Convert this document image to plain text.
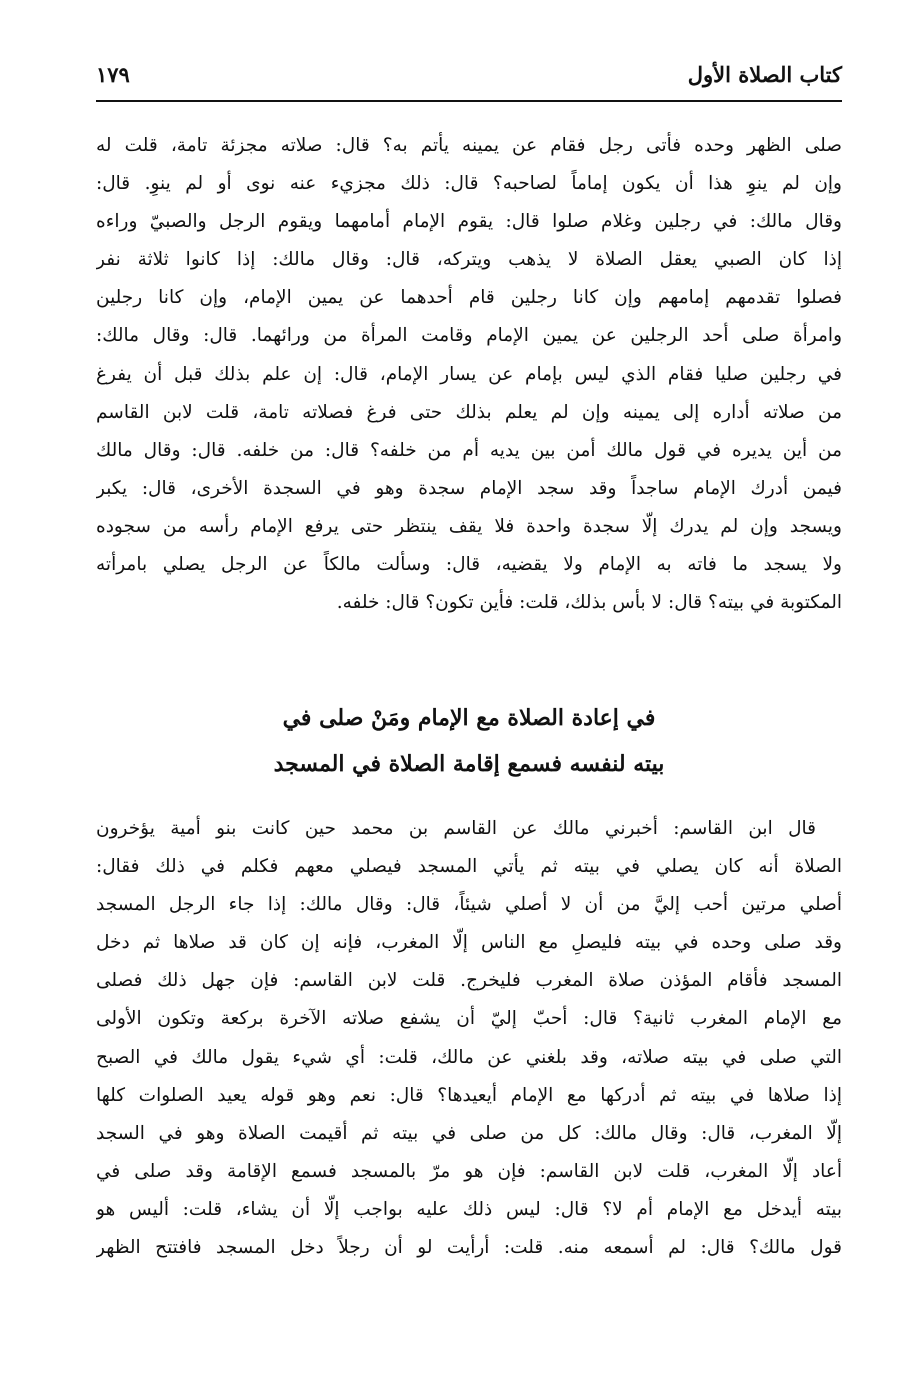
كتاب الصلاة الأول
١٧٩
صلى الظهر وحده فأتى رجل فقام عن يمينه يأتم به؟ قال: صلاته مجزئة تامة، قلت له
وإن لم ينوِ هذا أن يكون إماماً لصاحبه؟ قال: ذلك مجزيء عنه نوى أو لم ينوِ. قال:
وقال مالك: في رجلين وغلام صلوا قال: يقوم الإمام أمامهما ويقوم الرجل والصبيّ وراءه
إذا كان الصبي يعقل الصلاة لا يذهب ويتركه، قال: وقال مالك: إذا كانوا ثلاثة نفر
فصلوا تقدمهم إمامهم وإن كانا رجلين قام أحدهما عن يمين الإمام، وإن كانا رجلين
وامرأة صلى أحد الرجلين عن يمين الإمام وقامت المرأة من ورائهما. قال: وقال مالك:
في رجلين صليا فقام الذي ليس بإمام عن يسار الإمام، قال: إن علم بذلك قبل أن يفرغ
من صلاته أداره إلى يمينه وإن لم يعلم بذلك حتى فرغ فصلاته تامة، قلت لابن القاسم
من أين يديره في قول مالك أمن بين يديه أم من خلفه؟ قال: من خلفه. قال: وقال مالك
فيمن أدرك الإمام ساجداً وقد سجد الإمام سجدة وهو في السجدة الأخرى، قال: يكبر
ويسجد وإن لم يدرك إلّا سجدة واحدة فلا يقف ينتظر حتى يرفع الإمام رأسه من سجوده
ولا يسجد ما فاته به الإمام ولا يقضيه، قال: وسألت مالكاً عن الرجل يصلي بامرأته
المكتوبة في بيته؟ قال: لا بأس بذلك، قلت: فأين تكون؟ قال: خلفه.
في إعادة الصلاة مع الإمام ومَنْ صلى في
بيته لنفسه فسمع إقامة الصلاة في المسجد
قال ابن القاسم: أخبرني مالك عن القاسم بن محمد حين كانت بنو أمية يؤخرون
الصلاة أنه كان يصلي في بيته ثم يأتي المسجد فيصلي معهم فكلم في ذلك فقال:
أصلي مرتين أحب إليَّ من أن لا أصلي شيئاً، قال: وقال مالك: إذا جاء الرجل المسجد
وقد صلى وحده في بيته فليصلِ مع الناس إلّا المغرب، فإنه إن كان قد صلاها ثم دخل
المسجد فأقام المؤذن صلاة المغرب فليخرج. قلت لابن القاسم: فإن جهل ذلك فصلى
مع الإمام المغرب ثانية؟ قال: أحبّ إليّ أن يشفع صلاته الآخرة بركعة وتكون الأولى
التي صلى في بيته صلاته، وقد بلغني عن مالك، قلت: أي شيء يقول مالك في الصبح
إذا صلاها في بيته ثم أدركها مع الإمام أيعيدها؟ قال: نعم وهو قوله يعيد الصلوات كلها
إلّا المغرب، قال: وقال مالك: كل من صلى في بيته ثم أقيمت الصلاة وهو في السجد
أعاد إلّا المغرب، قلت لابن القاسم: فإن هو مرّ بالمسجد فسمع الإقامة وقد صلى في
بيته أيدخل مع الإمام أم لا؟ قال: ليس ذلك عليه بواجب إلّا أن يشاء، قلت: أليس هو
قول مالك؟ قال: لم أسمعه منه. قلت: أرأيت لو أن رجلاً دخل المسجد فافتتح الظهر
